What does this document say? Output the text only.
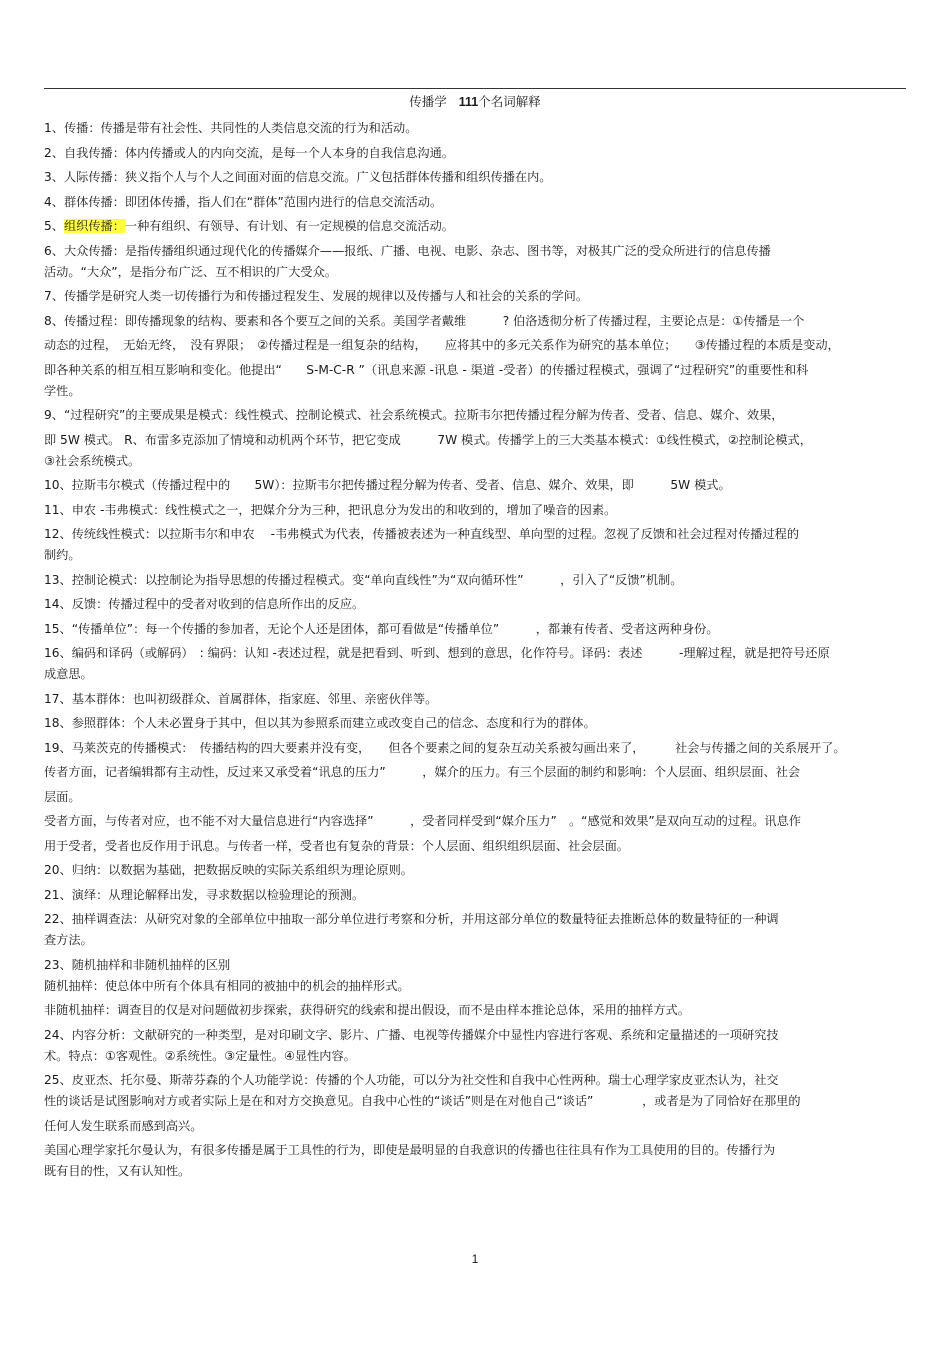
传播学 111个名词解释
1、传播：传播是带有社会性、共同性的人类信息交流的行为和活动。
2、自我传播：体内传播或人的内向交流，是每一个人本身的自我信息沟通。
3、人际传播：狭义指个人与个人之间面对面的信息交流。广义包括群体传播和组织传播在内。
4、群体传播：即团体传播，指人们在“群体”范围内进行的信息交流活动。
5、组织传播：一种有组织、有领导、有计划、有一定规模的信息交流活动。
6、大众传播：是指传播组织通过现代化的传播媒介——报纸、广播、电视、电影、杂志、图书等，对极其广泛的受众所进行的信息传播
活动。“大众”，是指分布广泛、互不相识的广大受众。
7、传播学是研究人类一切传播行为和传播过程发生、发展的规律以及传播与人和社会的关系的学问。
8、传播过程：即传播现象的结构、要素和各个要互之间的关系。美国学者戴维　　　? 伯洛透彻分析了传播过程，主要论点是：①传播是一个
动态的过程，　无始无终，　没有界限；　②传播过程是一组复杂的结构，　　应将其中的多元关系作为研究的基本单位；　　③传播过程的本质是变动，
即各种关系的相互相互影响和变化。他提出“　　S-M-C-R ”（讯息来源 -讯息 - 渠道 -受者）的传播过程模式，强调了“过程研究”的重要性和科
学性。
9、“过程研究”的主要成果是模式：线性模式、控制论模式、社会系统模式。拉斯韦尔把传播过程分解为传者、受者、信息、媒介、效果，
即 5W 模式。 R、布雷多克添加了情境和动机两个环节，把它变成　　　7W 模式。传播学上的三大类基本模式：①线性模式，②控制论模式，
③社会系统模式。
10、拉斯韦尔模式（传播过程中的　　5W）：拉斯韦尔把传播过程分解为传者、受者、信息、媒介、效果，即　　　5W 模式。
11、申农 -韦弗模式：线性模式之一，把媒介分为三种，把讯息分为发出的和收到的，增加了噪音的因素。
12、传统线性模式：以拉斯韦尔和申农　 -韦弗模式为代表，传播被表述为一种直线型、单向型的过程。忽视了反馈和社会过程对传播过程的
制约。
13、控制论模式：以控制论为指导思想的传播过程模式。变“单向直线性”为“双向循环性”　　　，引入了“反馈”机制。
14、反馈：传播过程中的受者对收到的信息所作出的反应。
15、“传播单位”：每一个传播的参加者，无论个人还是团体，都可看做是“传播单位”　　　，都兼有传者、受者这两种身份。
16、编码和译码（或解码）　: 编码：认知 -表述过程，就是把看到、听到、想到的意思，化作符号。译码：表述　　　-理解过程，就是把符号还原
成意思。
17、基本群体：也叫初级群众、首属群体，指家庭、邻里、亲密伙伴等。
18、参照群体：个人未必置身于其中，但以其为参照系而建立或改变自己的信念、态度和行为的群体。
19、马莱茨克的传播模式：　传播结构的四大要素并没有变，　　但各个要素之间的复杂互动关系被勾画出来了，　　　社会与传播之间的关系展开了。
传者方面，记者编辑都有主动性，反过来又承受着“讯息的压力”　　　，媒介的压力。有三个层面的制约和影响：个人层面、组织层面、社会
层面。
受者方面，与传者对应，也不能不对大量信息进行“内容选择”　　　，受者同样受到“媒介压力”　。“感觉和效果”是双向互动的过程。讯息作
用于受者，受者也反作用于讯息。与传者一样，受者也有复杂的背景：个人层面、组织组织层面、社会层面。
20、归纳：以数据为基础，把数据反映的实际关系组织为理论原则。
21、演绎：从理论解释出发，寻求数据以检验理论的预测。
22、抽样调查法：从研究对象的全部单位中抽取一部分单位进行考察和分析，并用这部分单位的数量特征去推断总体的数量特征的一种调
查方法。
23、随机抽样和非随机抽样的区别
随机抽样：使总体中所有个体具有相同的被抽中的机会的抽样形式。
非随机抽样：调查目的仅是对问题做初步探索，获得研究的线索和提出假设，而不是由样本推论总体，采用的抽样方式。
24、内容分析：文献研究的一种类型，是对印刷文字、影片、广播、电视等传播媒介中显性内容进行客观、系统和定量描述的一项研究技
术。特点：①客观性。②系统性。③定量性。④显性内容。
25、皮亚杰、托尔曼、斯蒂芬森的个人功能学说：传播的个人功能，可以分为社交性和自我中心性两种。瑞士心理学家皮亚杰认为，社交
性的谈话是试图影响对方或者实际上是在和对方交换意见。自我中心性的“谈话”则是在对他自己“谈话”　　　　，或者是为了同恰好在那里的
任何人发生联系而感到高兴。
美国心理学家托尔曼认为，有很多传播是属于工具性的行为，即使是最明显的自我意识的传播也往往具有作为工具使用的目的。传播行为
既有目的性，又有认知性。
1
